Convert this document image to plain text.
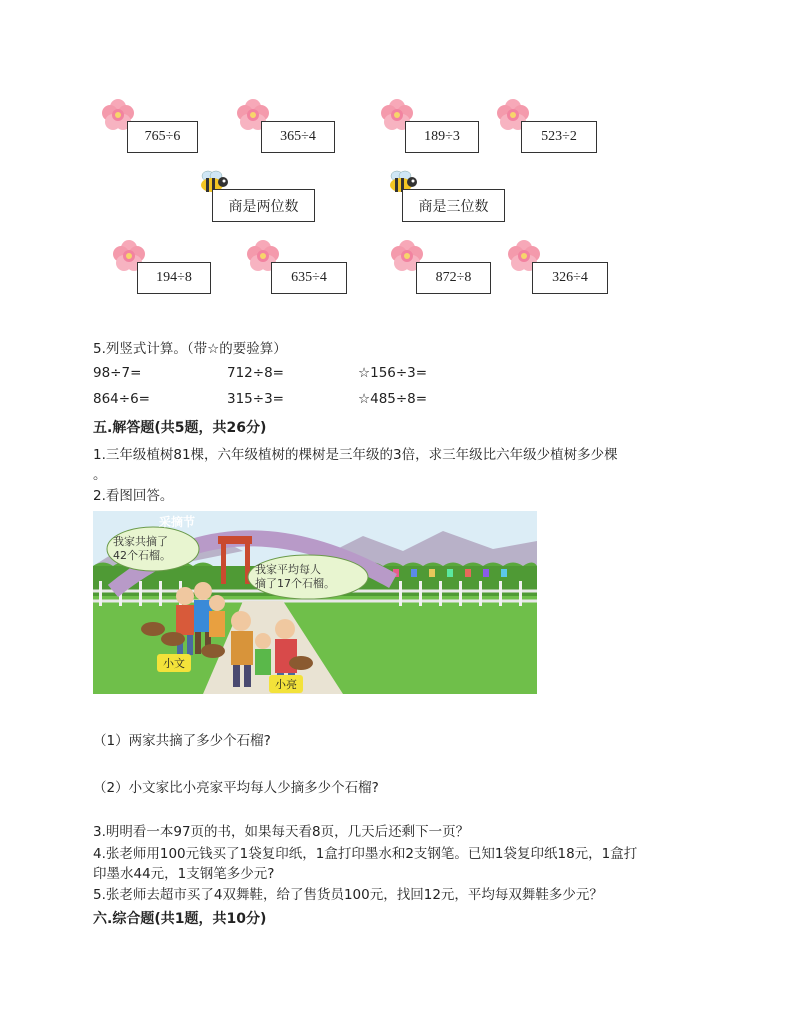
765÷6	365÷4	189÷3	523÷2
商是两位数	商是三位数
194÷8	635÷4	872÷8	326÷4
5.列竖式计算。（带☆的要验算）
98÷7=	712÷8=	☆156÷3=
864÷6=	315÷3=	☆485÷8=
五.解答题(共5题，共26分)
1.三年级植树81棵，六年级植树的棵树是三年级的3倍，求三年级比六年级少植树多少棵
。
2.看图回答。
采摘节
我家共摘了
42个石榴。
我家平均每人
摘了17个石榴。
小文
小亮
（1）两家共摘了多少个石榴?
（2）小文家比小亮家平均每人少摘多少个石榴?
3.明明看一本97页的书，如果每天看8页，几天后还剩下一页？
4.张老师用100元钱买了1袋复印纸，1盒打印墨水和2支钢笔。已知1袋复印纸18元，1盒打
印墨水44元，1支钢笔多少元?
5.张老师去超市买了4双舞鞋，给了售货员100元，找回12元，平均每双舞鞋多少元？
六.综合题(共1题，共10分)
